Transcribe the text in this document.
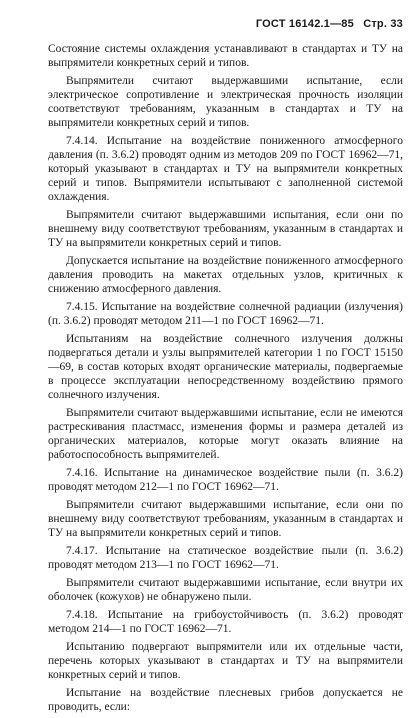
ГОСТ 16142.1—85 Стр. 33

Состояние системы охлаждения устанавливают в стандартах и ТУ на выпрямители конкретных серий и типов.

Выпрямители считают выдержавшими испытание, если электрическое сопротивление и электрическая прочность изоляции соответствуют требованиям, указанным в стандартах и ТУ на выпрямители конкретных серий и типов.

7.4.14. Испытание на воздействие пониженного атмосферного давления (п. 3.6.2) проводят одним из методов 209 по ГОСТ 16962—71, который указывают в стандартах и ТУ на выпрямители конкретных серий и типов. Выпрямители испытывают с заполненной системой охлаждения.

Выпрямители считают выдержавшими испытания, если они по внешнему виду соответствуют требованиям, указанным в стандартах и ТУ на выпрямители конкретных серий и типов.

Допускается испытание на воздействие пониженного атмосферного давления проводить на макетах отдельных узлов, критичных к снижению атмосферного давления.

7.4.15. Испытание на воздействие солнечной радиации (излучения) (п. 3.6.2) проводят методом 211—1 по ГОСТ 16962—71.

Испытаниям на воздействие солнечного излучения должны подвергаться детали и узлы выпрямителей категории 1 по ГОСТ 15150—69, в состав которых входят органические материалы, подвергаемые в процессе эксплуатации непосредственному воздействию прямого солнечного излучения.

Выпрямители считают выдержавшими испытание, если не имеются растрескивания пластмасс, изменения формы и размера деталей из органических материалов, которые могут оказать влияние на работоспособность выпрямителей.

7.4.16. Испытание на динамическое воздействие пыли (п. 3.6.2) проводят методом 212—1 по ГОСТ 16962—71.

Выпрямители считают выдержавшими испытание, если они по внешнему виду соответствуют требованиям, указанным в стандартах и ТУ на выпрямители конкретных серий и типов.

7.4.17. Испытание на статическое воздействие пыли (п. 3.6.2) проводят методом 213—1 по ГОСТ 16962—71.

Выпрямители считают выдержавшими испытание, если внутри их оболочек (кожухов) не обнаружено пыли.

7.4.18. Испытание на грибоустойчивость (п. 3.6.2) проводят методом 214—1 по ГОСТ 16962—71.

Испытанию подвергают выпрямители или их отдельные части, перечень которых указывают в стандартах и ТУ на выпрямители конкретных серий и типов.

Испытание на воздействие плесневых грибов допускается не проводить, если:
